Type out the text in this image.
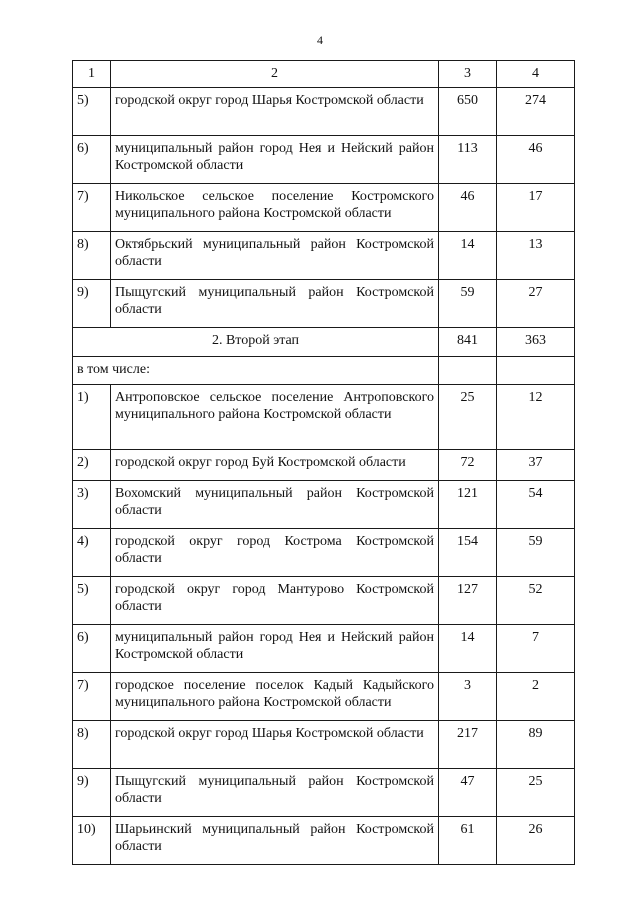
4
1	2	3	4
5)	городской округ город Шарья Костромской области	650	274
6)	муниципальный район город Нея и Нейский район Костромской области	113	46
7)	Никольское сельское поселение Костромского муниципального района Костромской области	46	17
8)	Октябрьский муниципальный район Костромской области	14	13
9)	Пыщугский муниципальный район Костромской области	59	27
2. Второй этап		841	363
в том числе:			
1)	Антроповское сельское поселение Антроповского муниципального района Костромской области	25	12
2)	городской округ город Буй Костромской области	72	37
3)	Вохомский муниципальный район Костромской области	121	54
4)	городской округ город Кострома Костромской области	154	59
5)	городской округ город Мантурово Костромской области	127	52
6)	муниципальный район город Нея и Нейский район Костромской области	14	7
7)	городское поселение поселок Кадый Кадыйского муниципального района Костромской области	3	2
8)	городской округ город Шарья Костромской области	217	89
9)	Пыщугский муниципальный район Костромской области	47	25
10)	Шарьинский муниципальный район Костромской области	61	26
